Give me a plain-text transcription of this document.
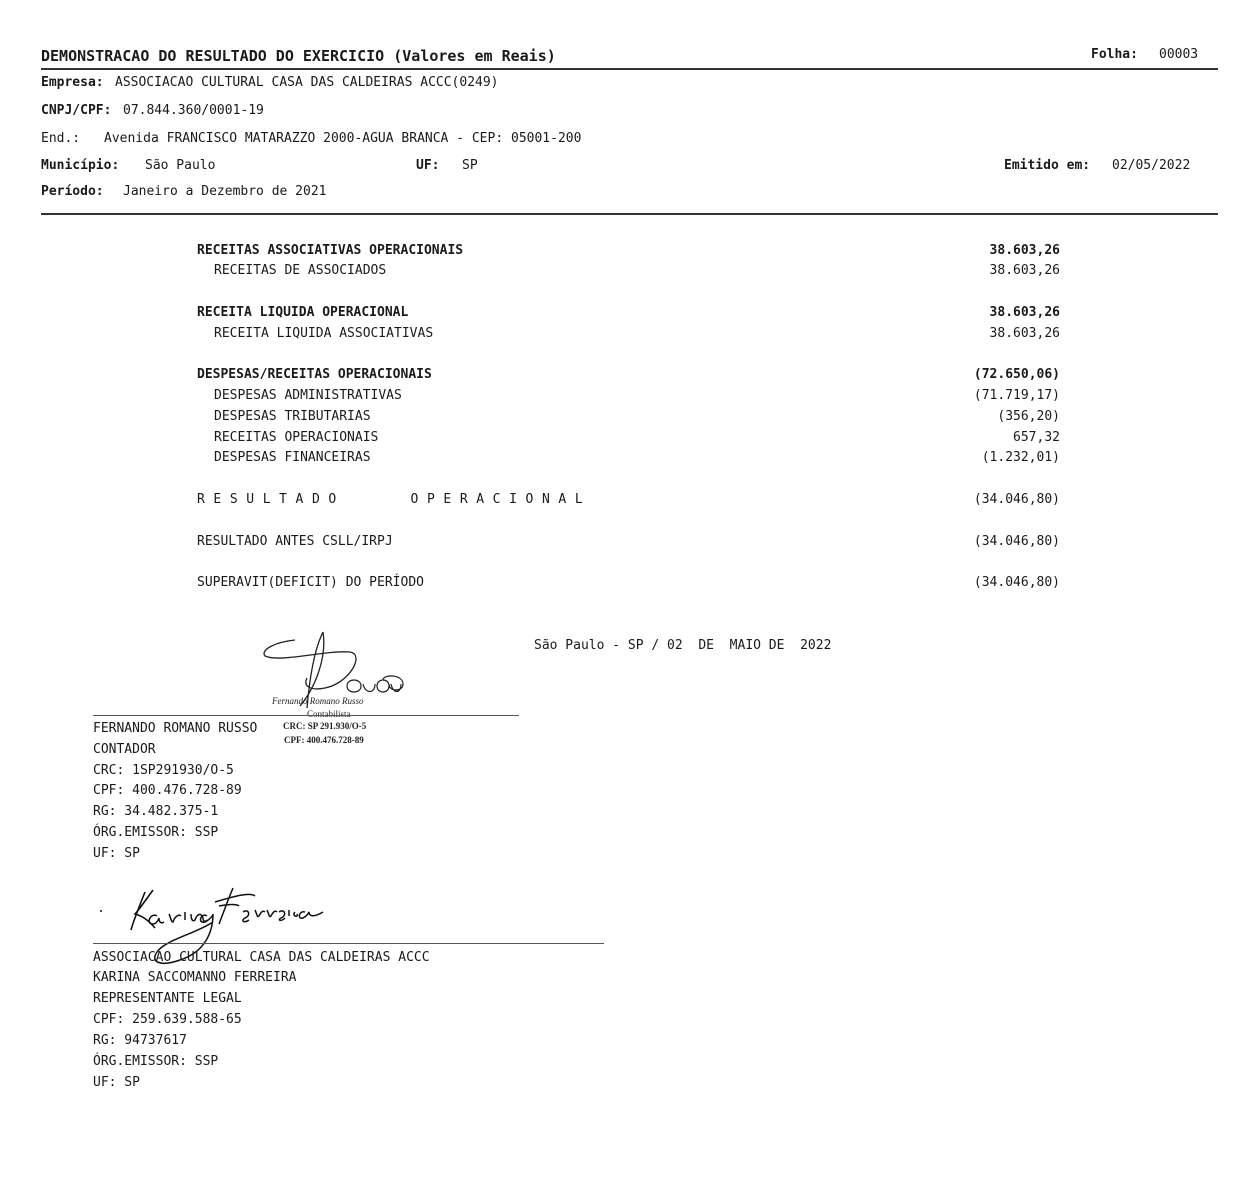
DEMONSTRACAO DO RESULTADO DO EXERCICIO (Valores em Reais)	Folha: 00003
Empresa: ASSOCIACAO CULTURAL CASA DAS CALDEIRAS ACCC(0249)
CNPJ/CPF: 07.844.360/0001-19
End.: Avenida FRANCISCO MATARAZZO 2000-AGUA BRANCA - CEP: 05001-200
Município: São Paulo	UF: SP	Emitido em: 02/05/2022
Período: Janeiro a Dezembro de 2021
RECEITAS ASSOCIATIVAS OPERACIONAIS	38.603,26
RECEITAS DE ASSOCIADOS	38.603,26
RECEITA LIQUIDA OPERACIONAL	38.603,26
RECEITA LIQUIDA ASSOCIATIVAS	38.603,26
DESPESAS/RECEITAS OPERACIONAIS	(72.650,06)
DESPESAS ADMINISTRATIVAS	(71.719,17)
DESPESAS TRIBUTARIAS	(356,20)
RECEITAS OPERACIONAIS	657,32
DESPESAS FINANCEIRAS	(1.232,01)
RESULTADO    OPERACIONAL	(34.046,80)
RESULTADO ANTES CSLL/IRPJ	(34.046,80)
SUPERAVIT(DEFICIT) DO PERÍODO	(34.046,80)
São Paulo - SP / 02  DE  MAIO DE  2022
Fernando Romano Russo
Contabilista
CRC: SP 291.930/O-5
CPF: 400.476.728-89
FERNANDO ROMANO RUSSO
CONTADOR
CRC: 1SP291930/O-5
CPF: 400.476.728-89
RG: 34.482.375-1
ÓRG.EMISSOR: SSP
UF: SP
ASSOCIACAO CULTURAL CASA DAS CALDEIRAS ACCC
KARINA SACCOMANNO FERREIRA
REPRESENTANTE LEGAL
CPF: 259.639.588-65
RG: 94737617
ÓRG.EMISSOR: SSP
UF: SP
